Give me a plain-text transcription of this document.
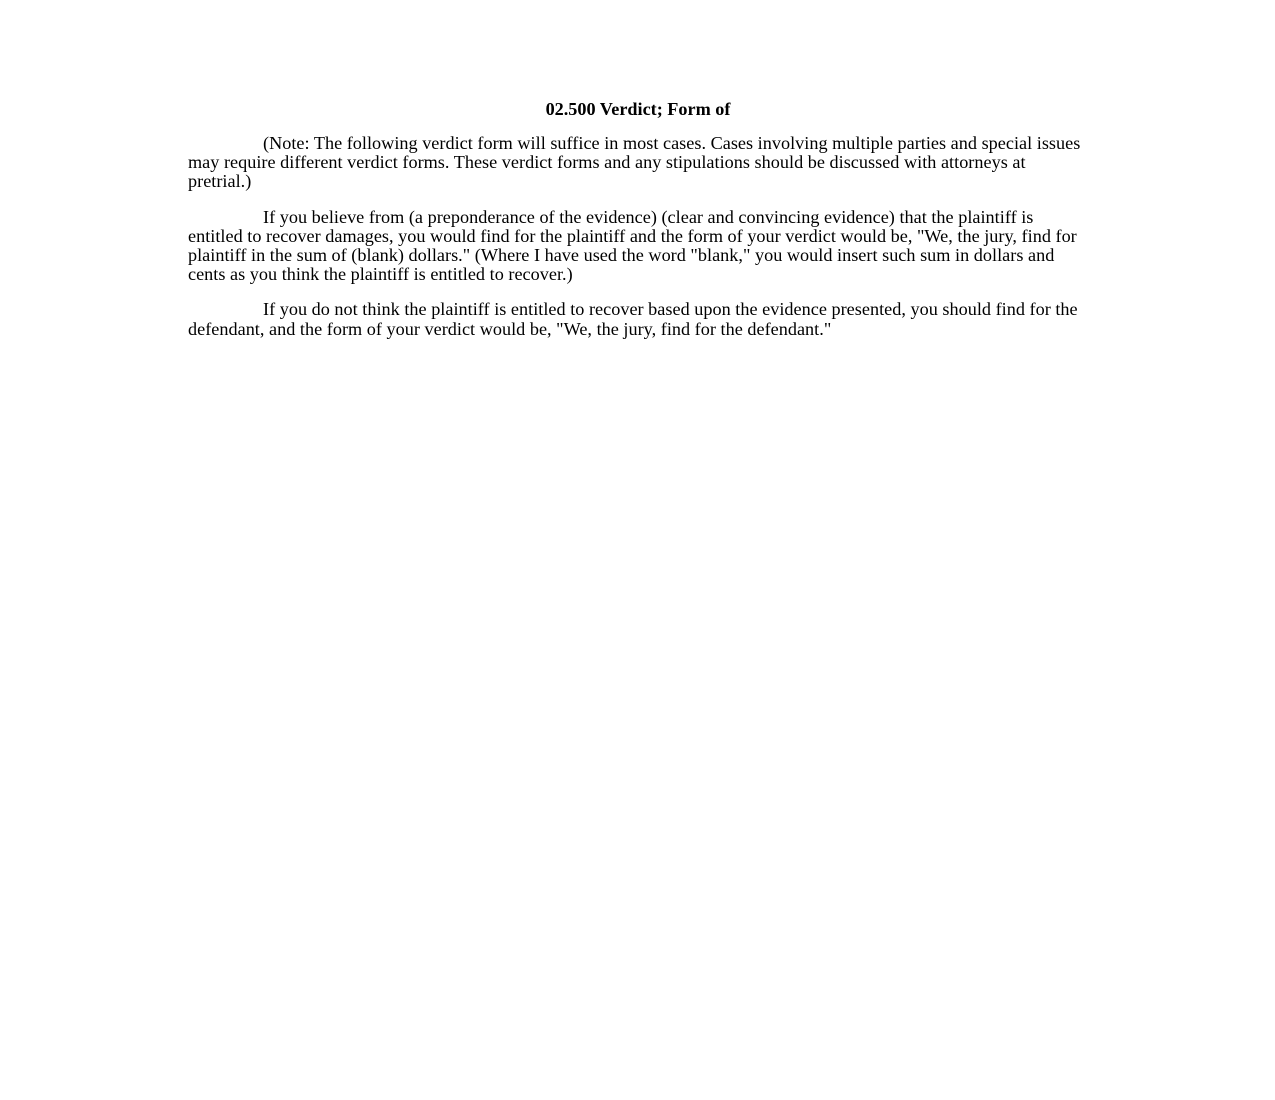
02.500 Verdict; Form of

(Note: The following verdict form will suffice in most cases. Cases involving multiple parties and special issues may require different verdict forms. These verdict forms and any stipulations should be discussed with attorneys at pretrial.)

If you believe from (a preponderance of the evidence) (clear and convincing evidence) that the plaintiff is entitled to recover damages, you would find for the plaintiff and the form of your verdict would be, "We, the jury, find for plaintiff in the sum of (blank) dollars." (Where I have used the word "blank," you would insert such sum in dollars and cents as you think the plaintiff is entitled to recover.)

If you do not think the plaintiff is entitled to recover based upon the evidence presented, you should find for the defendant, and the form of your verdict would be, "We, the jury, find for the defendant."
